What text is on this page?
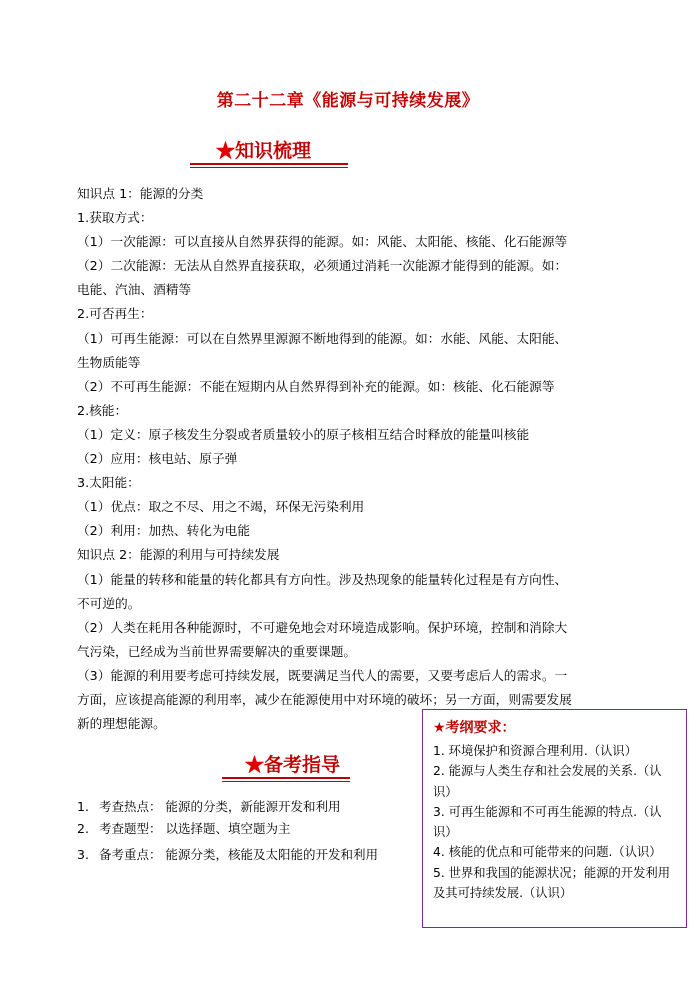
第二十二章《能源与可持续发展》
★知识梳理
知识点 1：能源的分类
1.获取方式：
（1）一次能源：可以直接从自然界获得的能源。如：风能、太阳能、核能、化石能源等
（2）二次能源：无法从自然界直接获取，必须通过消耗一次能源才能得到的能源。如：
电能、汽油、酒精等
2.可否再生：
（1）可再生能源：可以在自然界里源源不断地得到的能源。如：水能、风能、太阳能、
生物质能等
（2）不可再生能源：不能在短期内从自然界得到补充的能源。如：核能、化石能源等
2.核能：
（1）定义：原子核发生分裂或者质量较小的原子核相互结合时释放的能量叫核能
（2）应用：核电站、原子弹
3.太阳能：
（1）优点：取之不尽、用之不竭，环保无污染利用
（2）利用：加热、转化为电能
知识点 2：能源的利用与可持续发展
（1）能量的转移和能量的转化都具有方向性。涉及热现象的能量转化过程是有方向性、
不可逆的。
（2）人类在耗用各种能源时，不可避免地会对环境造成影响。保护环境，控制和消除大
气污染，已经成为当前世界需要解决的重要课题。
（3）能源的利用要考虑可持续发展，既要满足当代人的需要，又要考虑后人的需求。一
方面，应该提高能源的利用率，减少在能源使用中对环境的破坏；另一方面，则需要发展
新的理想能源。
★备考指导
1. 考查热点： 能源的分类，新能源开发和利用
2. 考查题型： 以选择题、填空题为主
3. 备考重点： 能源分类，核能及太阳能的开发和利用
★考纲要求：
1. 环境保护和资源合理利用.（认识）
2. 能源与人类生存和社会发展的关系.（认识）
3. 可再生能源和不可再生能源的特点.（认识）
4. 核能的优点和可能带来的问题.（认识）
5. 世界和我国的能源状况；能源的开发利用及其可持续发展.（认识）
